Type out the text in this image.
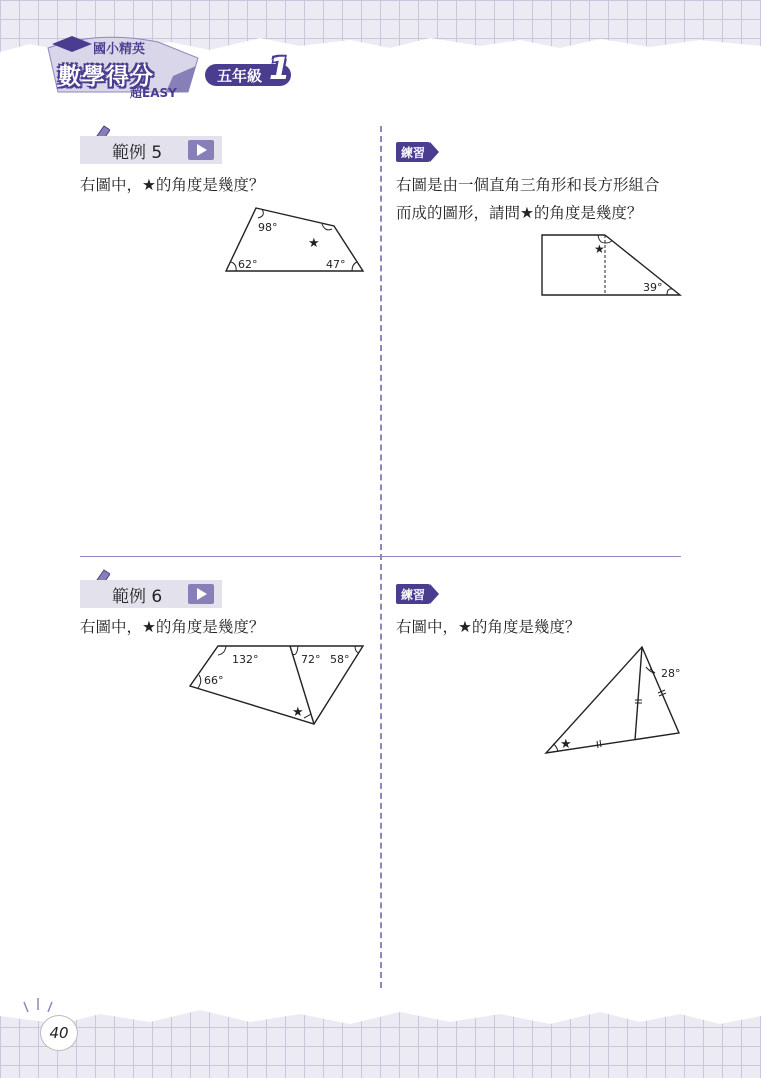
國小精英
數學得分
超EASY
五年級 1
範例 5
右圖中，★的角度是幾度？
98°
62°	47°
★
練習
右圖是由一個直角三角形和長方形組合
而成的圖形，請問★的角度是幾度？
★
39°
範例 6
右圖中，★的角度是幾度？
132°	72° 58°
66°
★
練習
右圖中，★的角度是幾度？
28°
★
40
